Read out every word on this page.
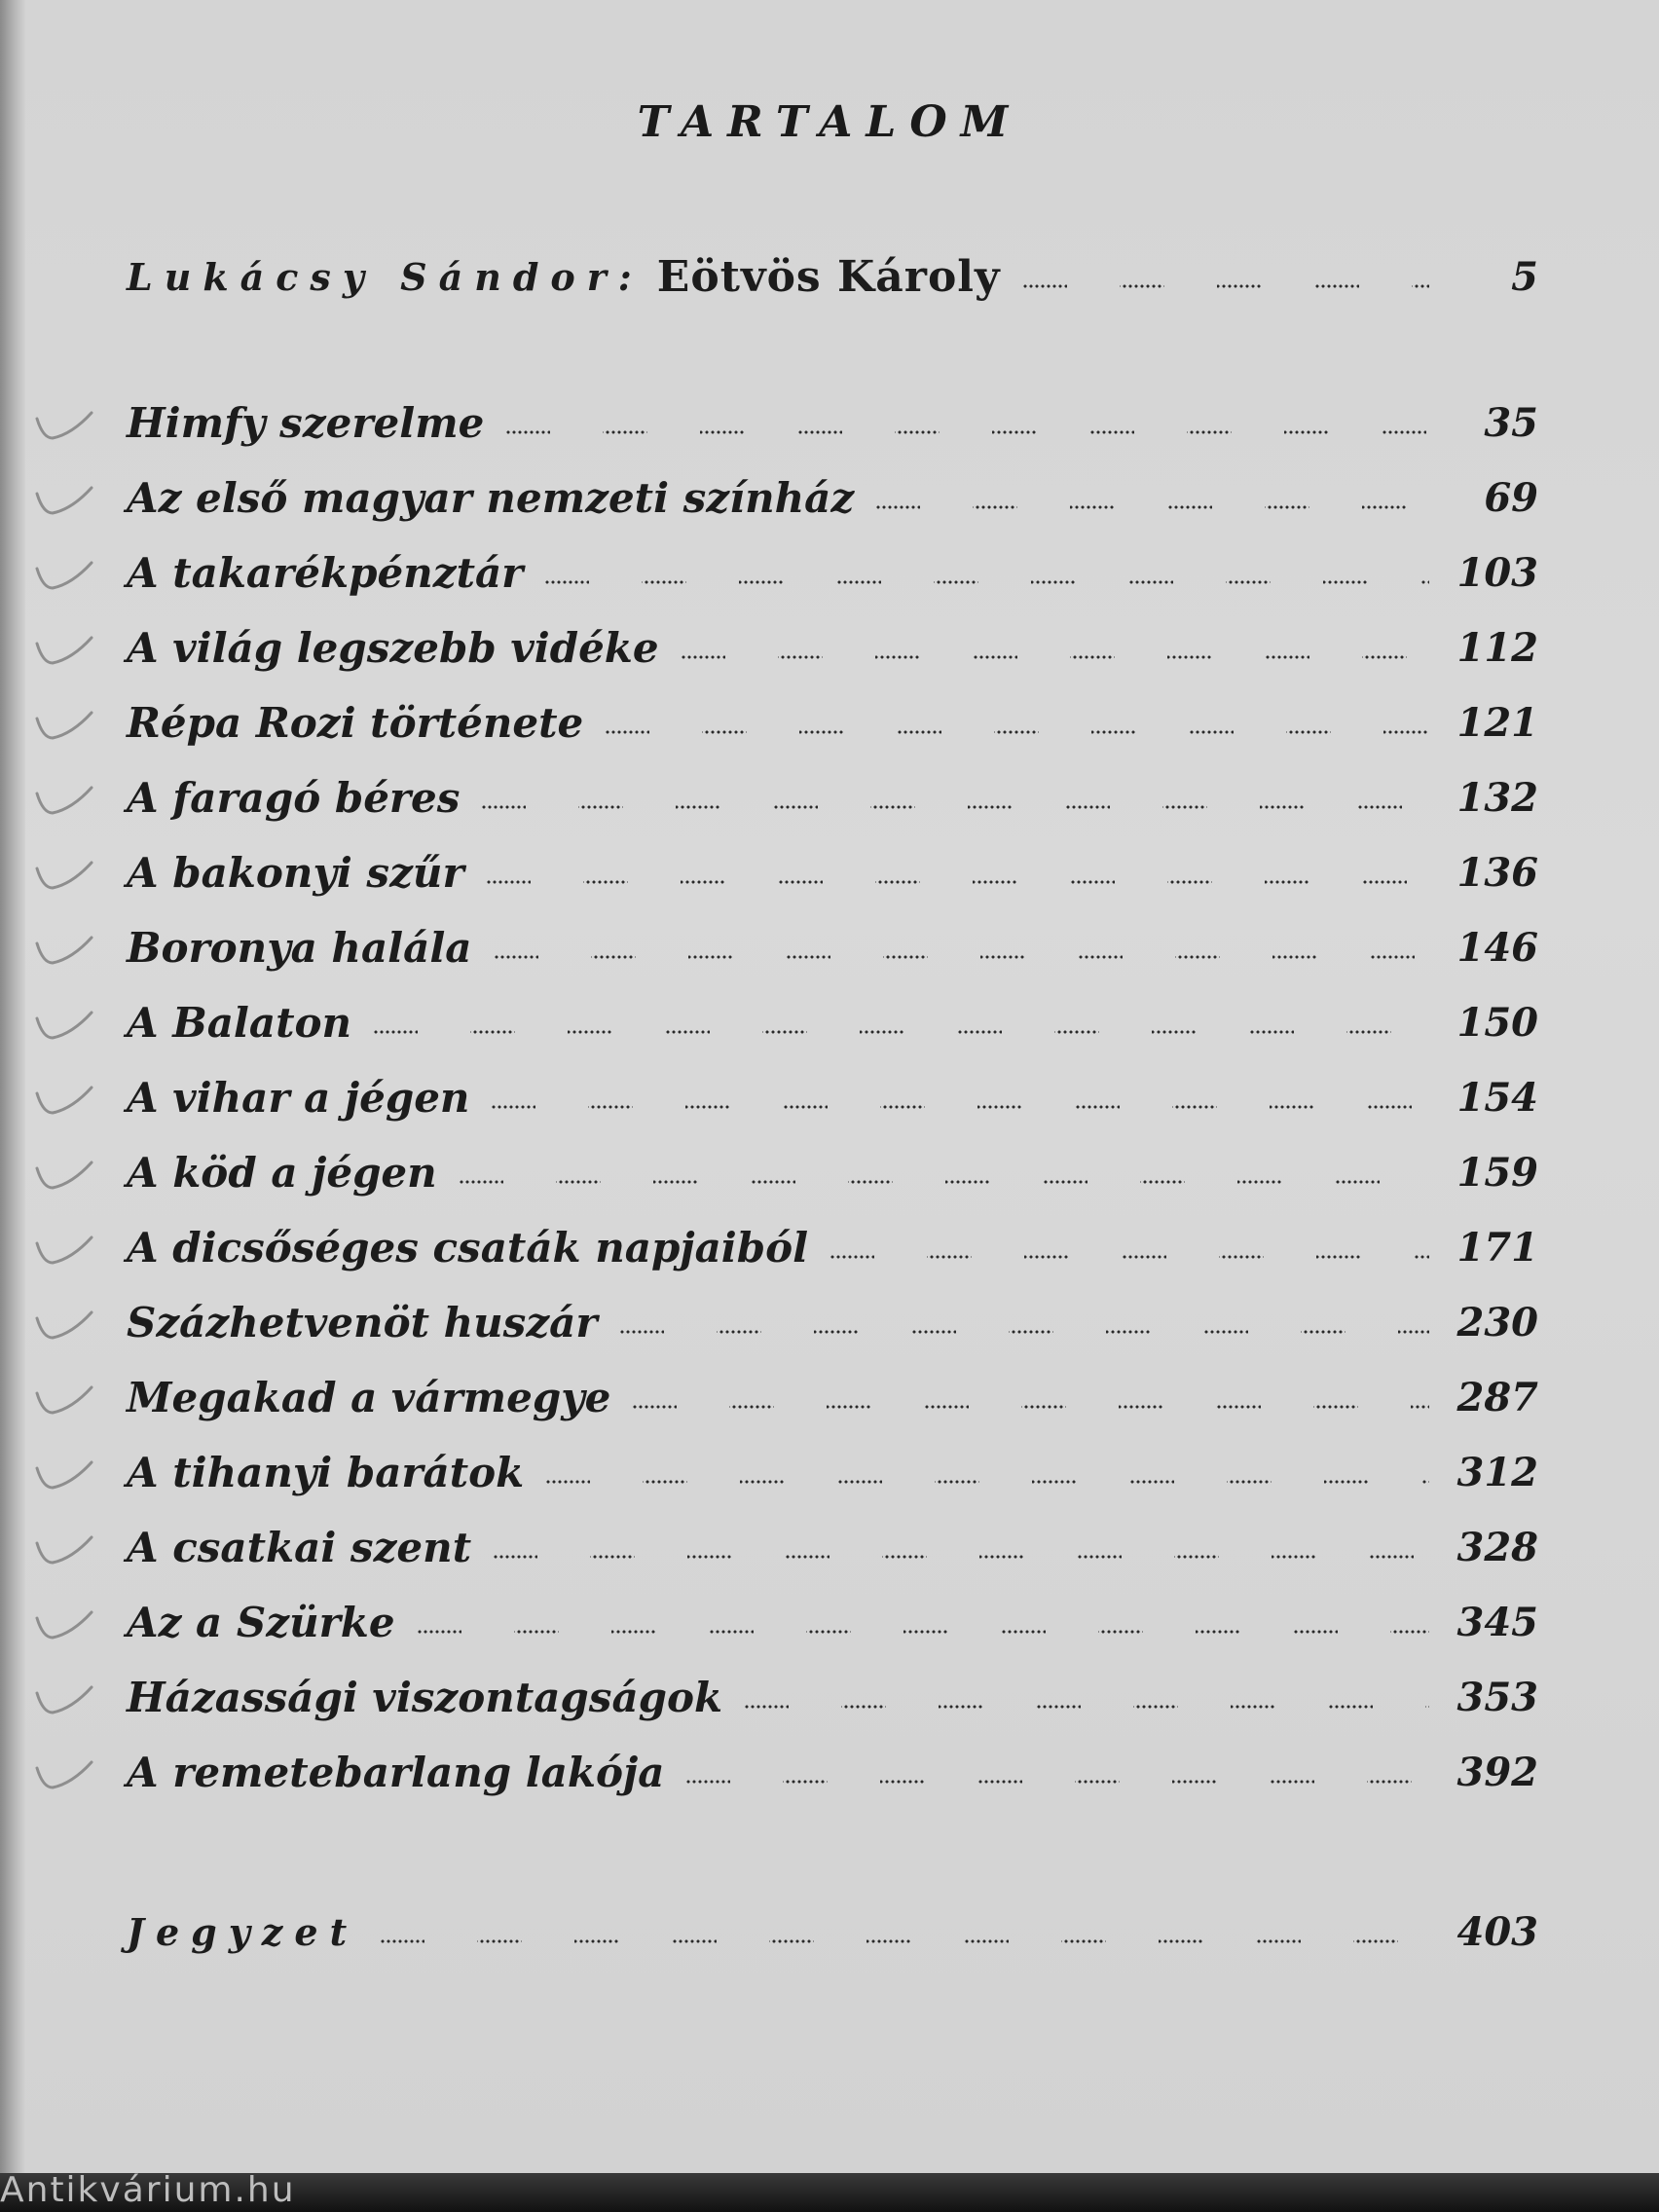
TARTALOM
Lukácsy Sándor: Eötvös Károly	5
Himfy szerelme	35
Az első magyar nemzeti színház	69
A takarékpénztár	103
A világ legszebb vidéke	112
Répa Rozi története	121
A faragó béres	132
A bakonyi szűr	136
Boronya halála	146
A Balaton	150
A vihar a jégen	154
A köd a jégen	159
A dicsőséges csaták napjaiból	171
Százhetvenöt huszár	230
Megakad a vármegye	287
A tihanyi barátok	312
A csatkai szent	328
Az a Szürke	345
Házassági viszontagságok	353
A remetebarlang lakója	392
Jegyzet	403
Antikvárium.hu
